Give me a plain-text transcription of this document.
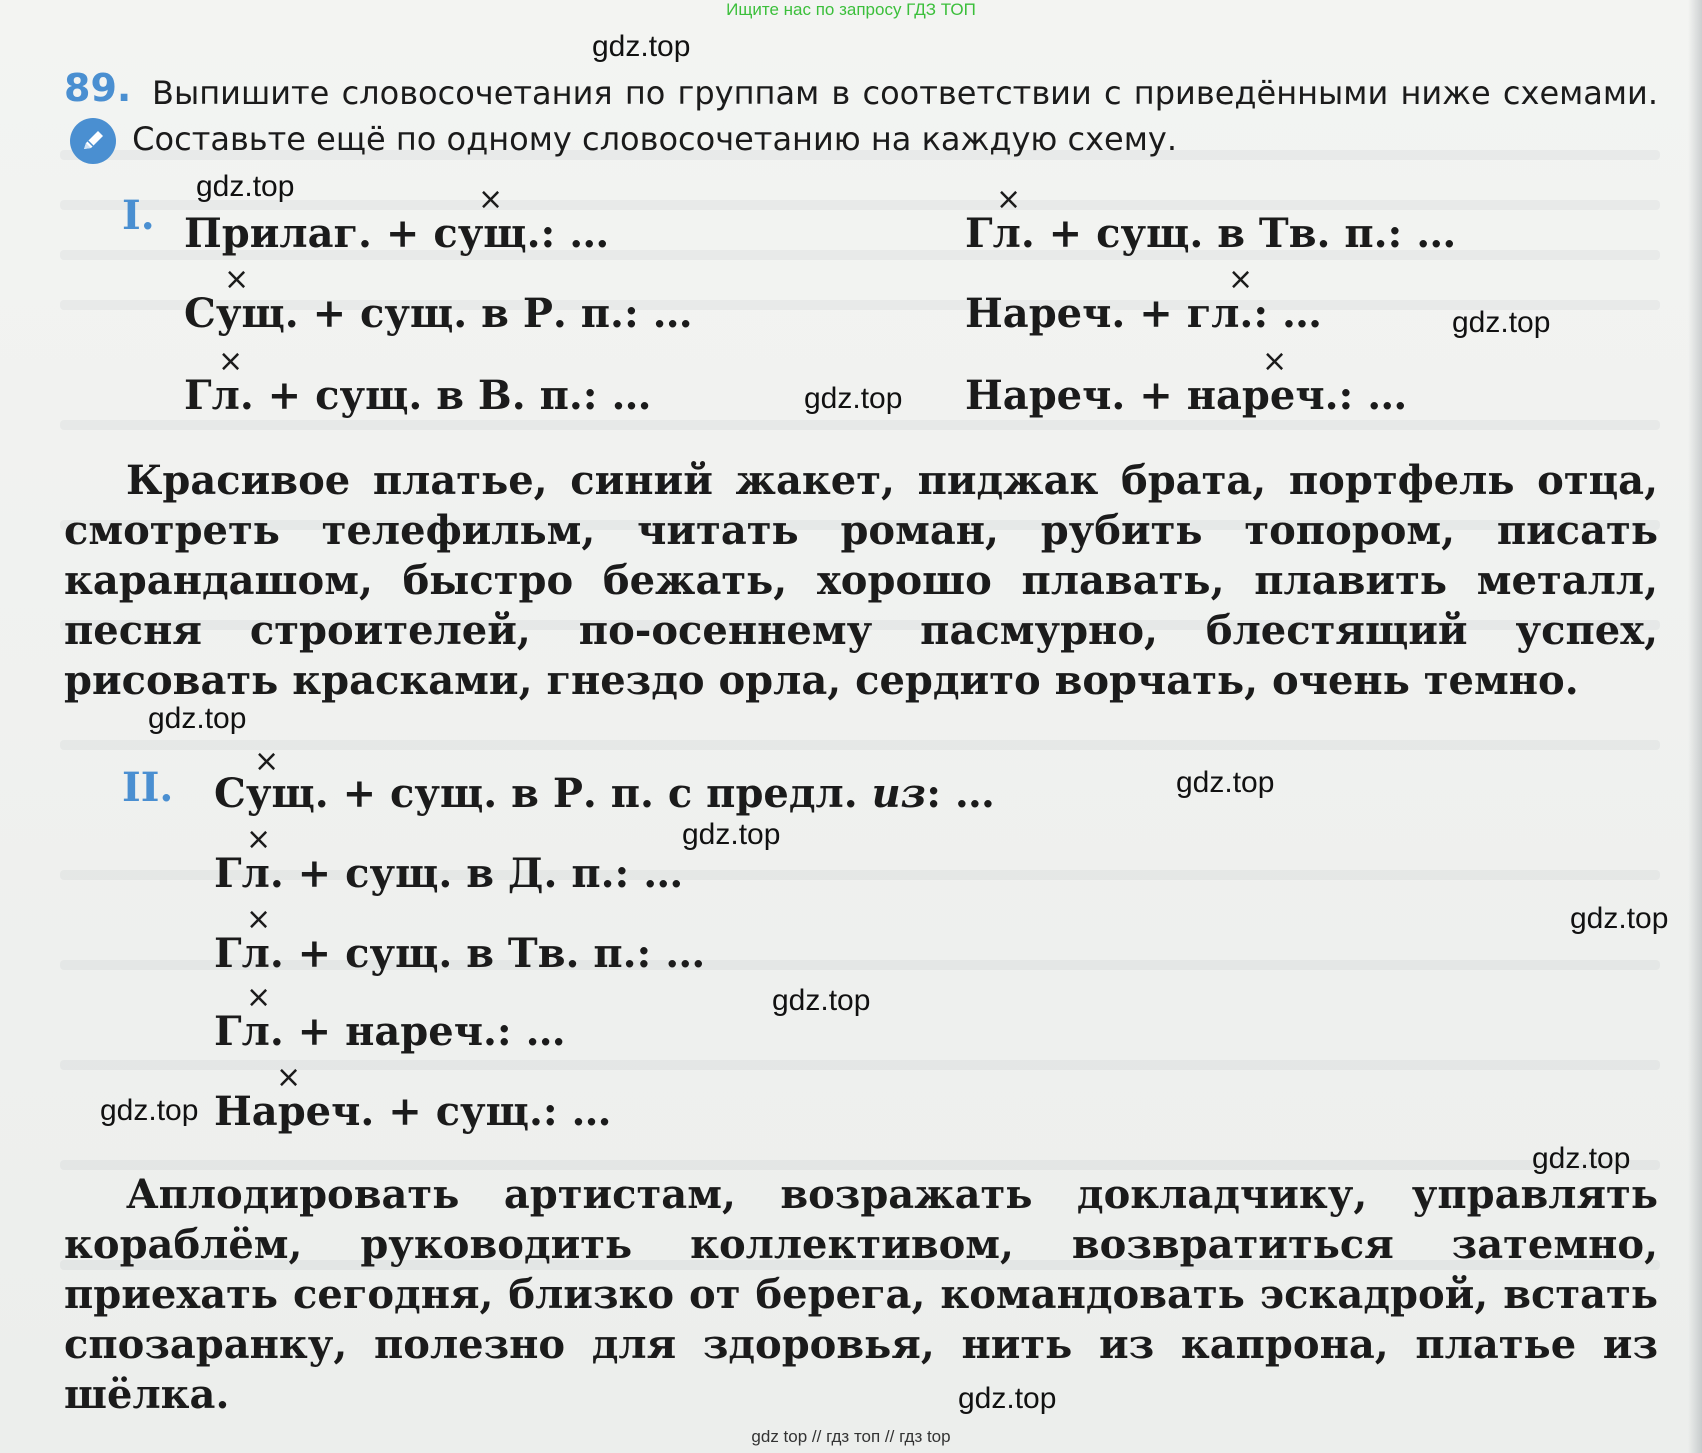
Ищите нас по запросу ГДЗ ТОП
89. Выпишите словосочетания по группам в соответствии с приведёнными ниже схемами.
Составьте ещё по одному словосочетанию на каждую схему.
I.	×
Прилаг. + сущ.: …
×
Гл. + сущ. в Тв. п.: …
×
Сущ. + сущ. в Р. п.: …
×
Нареч. + гл.: …
×
Гл. + сущ. в В. п.: …
×
Нареч. + нареч.: …
Красивое платье, синий жакет, пиджак брата, портфель отца, смотреть телефильм, читать роман, рубить топором, писать карандашом, быстро бежать, хорошо плавать, плавить металл, песня строителей, по-осеннему пасмурно, блестящий успех, рисовать красками, гнездо орла, сердито ворчать, очень темно.
II.
×
Сущ. + сущ. в Р. п. с предл. из: …
×
Гл. + сущ. в Д. п.: …
×
Гл. + сущ. в Тв. п.: …
×
Гл. + нареч.: …
×
Нареч. + сущ.: …
Аплодировать артистам, возражать докладчику, управлять кораблём, руководить коллективом, возвратиться затемно, приехать сегодня, близко от берега, командовать эскадрой, встать спозаранку, полезно для здоровья, нить из капрона, платье из шёлка.
gdz.top
gdz.top
gdz.top
gdz.top
gdz.top
gdz.top
gdz.top
gdz.top
gdz.top
gdz.top
gdz.top
gdz.top
gdz top // гдз топ // гдз top
